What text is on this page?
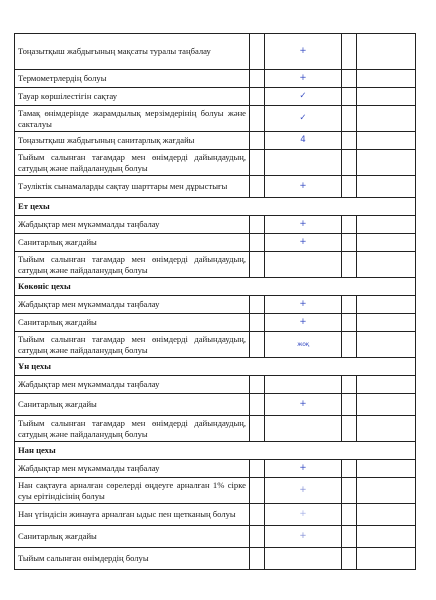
Тоңазытқыш жабдығының мақсаты туралы таңбалау		+		
Термометрлердің болуы		+		
Тауар көршілестігін сақтау		✓		
Тамақ өнімдерінде жарамдылық мерзімдерінің болуы және сакталуы		✓		
Тоңазытқыш жабдығының санитарлық жағдайы		4		
Тыйым салынған тағамдар мен өнімдерді дайындаудың, сатудың және пайдаланудың болуы				
Тәуліктік сынамаларды сақтау шарттары мен дұрыстығы		+		
Ет цехы				
Жабдықтар мен мүкәммалды таңбалау		+		
Санитарлық жағдайы		+		
Тыйым салынған тағамдар мен өнімдерді дайындаудың, сатудың және пайдаланудың болуы				
Көкөніс цехы				
Жабдықтар мен мүкәммалды таңбалау		+		
Санитарлық жағдайы		+		
Тыйым салынған тағамдар мен өнімдерді дайындаудың, сатудың және пайдаланудың болуы		жоқ		
Ұн цехы				
Жабдықтар мен мүкәммалды таңбалау				
Санитарлық жағдайы		+		
Тыйым салынған тағамдар мен өнімдерді дайындаудың, сатудың және пайдаланудың болуы				
Нан цехы				
Жабдықтар мен мүкәммалды таңбалау		+		
Нан сақтауға арналған сөрелерді өңдеуге арналған 1% сірке суы ерітіндісінің болуы		+		
Нан үгіндісін жинауға арналған ыдыс пен щетканың болуы		+		
Санитарлық жағдайы		+		
Тыйым салынған өнімдердің болуы				
